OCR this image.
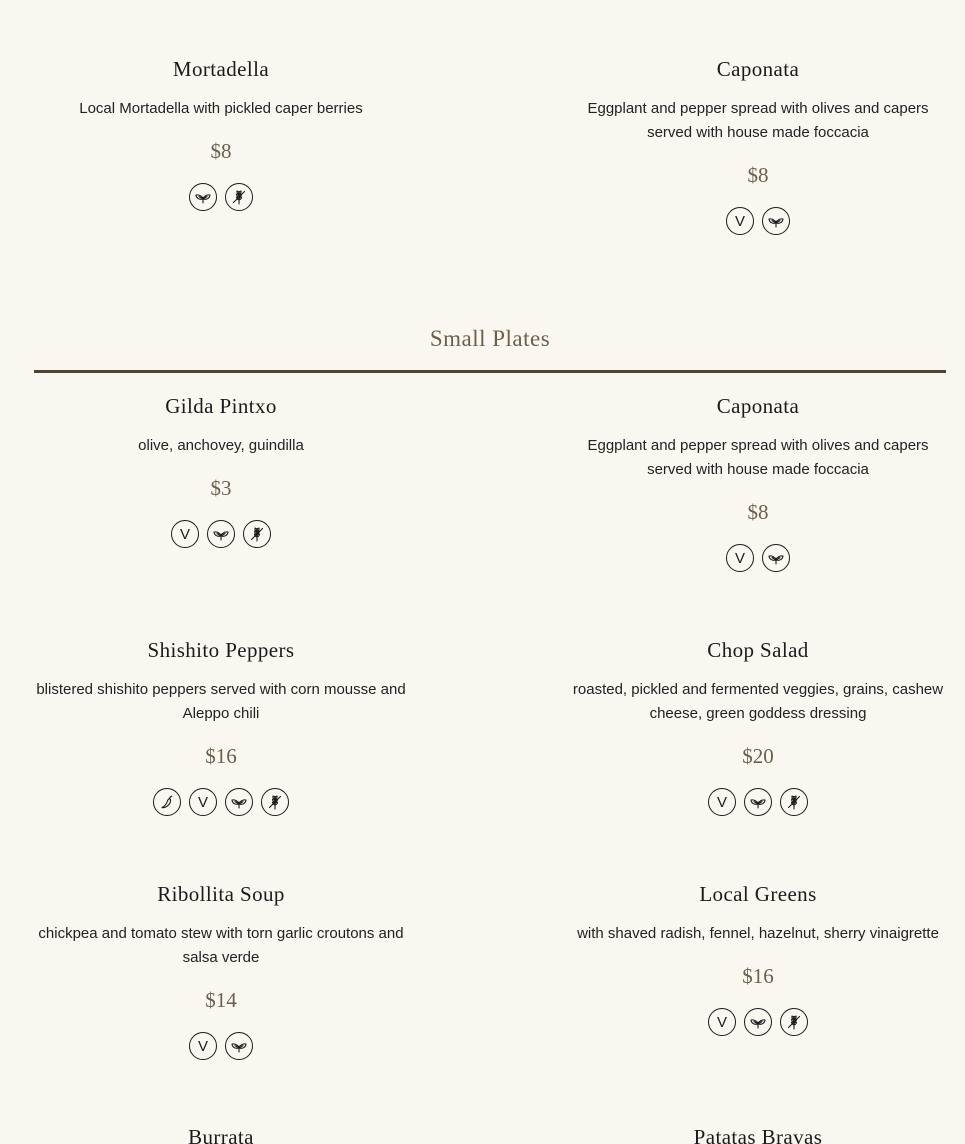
Mortadella
Local Mortadella with pickled caper berries
$8
Caponata
Eggplant and pepper spread with olives and capers served with house made foccacia
$8
V
Small Plates
Gilda Pintxo
olive, anchovey, guindilla
$3
V
Caponata
Eggplant and pepper spread with olives and capers served with house made foccacia
$8
V
Shishito Peppers
blistered shishito peppers served with corn mousse and Aleppo chili
$16
V
Chop Salad
roasted, pickled and fermented veggies, grains, cashew cheese, green goddess dressing
$20
V
Ribollita Soup
chickpea and tomato stew with torn garlic croutons and salsa verde
$14
V
Local Greens
with shaved radish, fennel, hazelnut, sherry vinaigrette
$16
V
Burrata	Patatas Bravas
